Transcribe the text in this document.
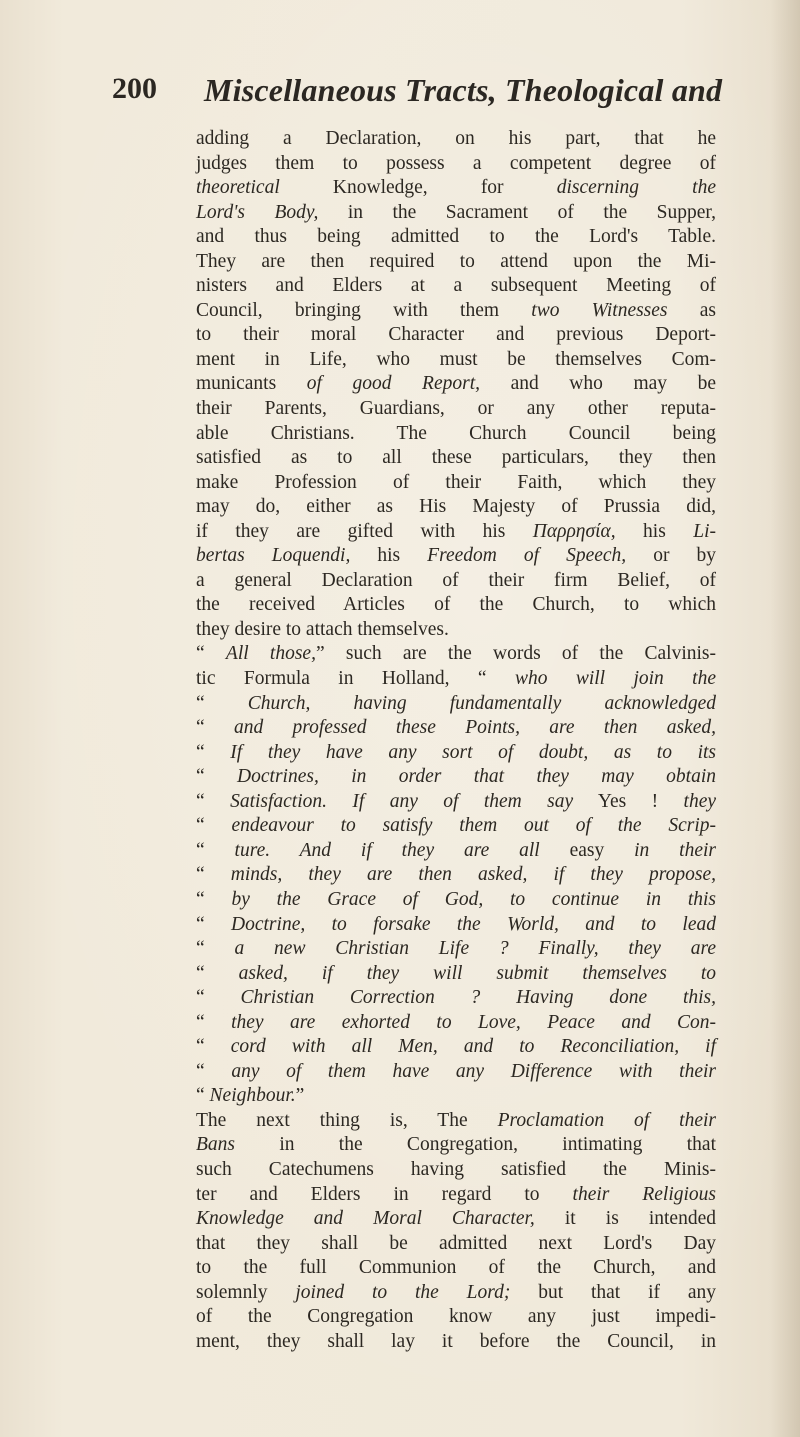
200 Miscellaneous Tracts, Theological and
adding a Declaration, on his part, that he
judges them to possess a competent degree of
theoretical Knowledge, for discerning the
Lord's Body, in the Sacrament of the Supper,
and thus being admitted to the Lord's Table.
They are then required to attend upon the Mi-
nisters and Elders at a subsequent Meeting of
Council, bringing with them two Witnesses as
to their moral Character and previous Deport-
ment in Life, who must be themselves Com-
municants of good Report, and who may be
their Parents, Guardians, or any other reputa-
able Christians. The Church Council being
satisfied as to all these particulars, they then
make Profession of their Faith, which they
may do, either as His Majesty of Prussia did,
if they are gifted with his Παρρησία, his Li-
bertas Loquendi, his Freedom of Speech, or by
a general Declaration of their firm Belief, of
the received Articles of the Church, to which
they desire to attach themselves.
“ All those,” such are the words of the Calvinis-
tic Formula in Holland, “ who will join the
“ Church, having fundamentally acknowledged
“ and professed these Points, are then asked,
“ If they have any sort of doubt, as to its
“ Doctrines, in order that they may obtain
“ Satisfaction. If any of them say Yes ! they
“ endeavour to satisfy them out of the Scrip-
“ ture. And if they are all easy in their
“ minds, they are then asked, if they propose,
“ by the Grace of God, to continue in this
“ Doctrine, to forsake the World, and to lead
“ a new Christian Life ? Finally, they are
“ asked, if they will submit themselves to
“ Christian Correction ? Having done this,
“ they are exhorted to Love, Peace and Con-
“ cord with all Men, and to Reconciliation, if
“ any of them have any Difference with their
“ Neighbour.”
The next thing is, The Proclamation of their
Bans in the Congregation, intimating that
such Catechumens having satisfied the Minis-
ter and Elders in regard to their Religious
Knowledge and Moral Character, it is intended
that they shall be admitted next Lord's Day
to the full Communion of the Church, and
solemnly joined to the Lord; but that if any
of the Congregation know any just impedi-
ment, they shall lay it before the Council, in
